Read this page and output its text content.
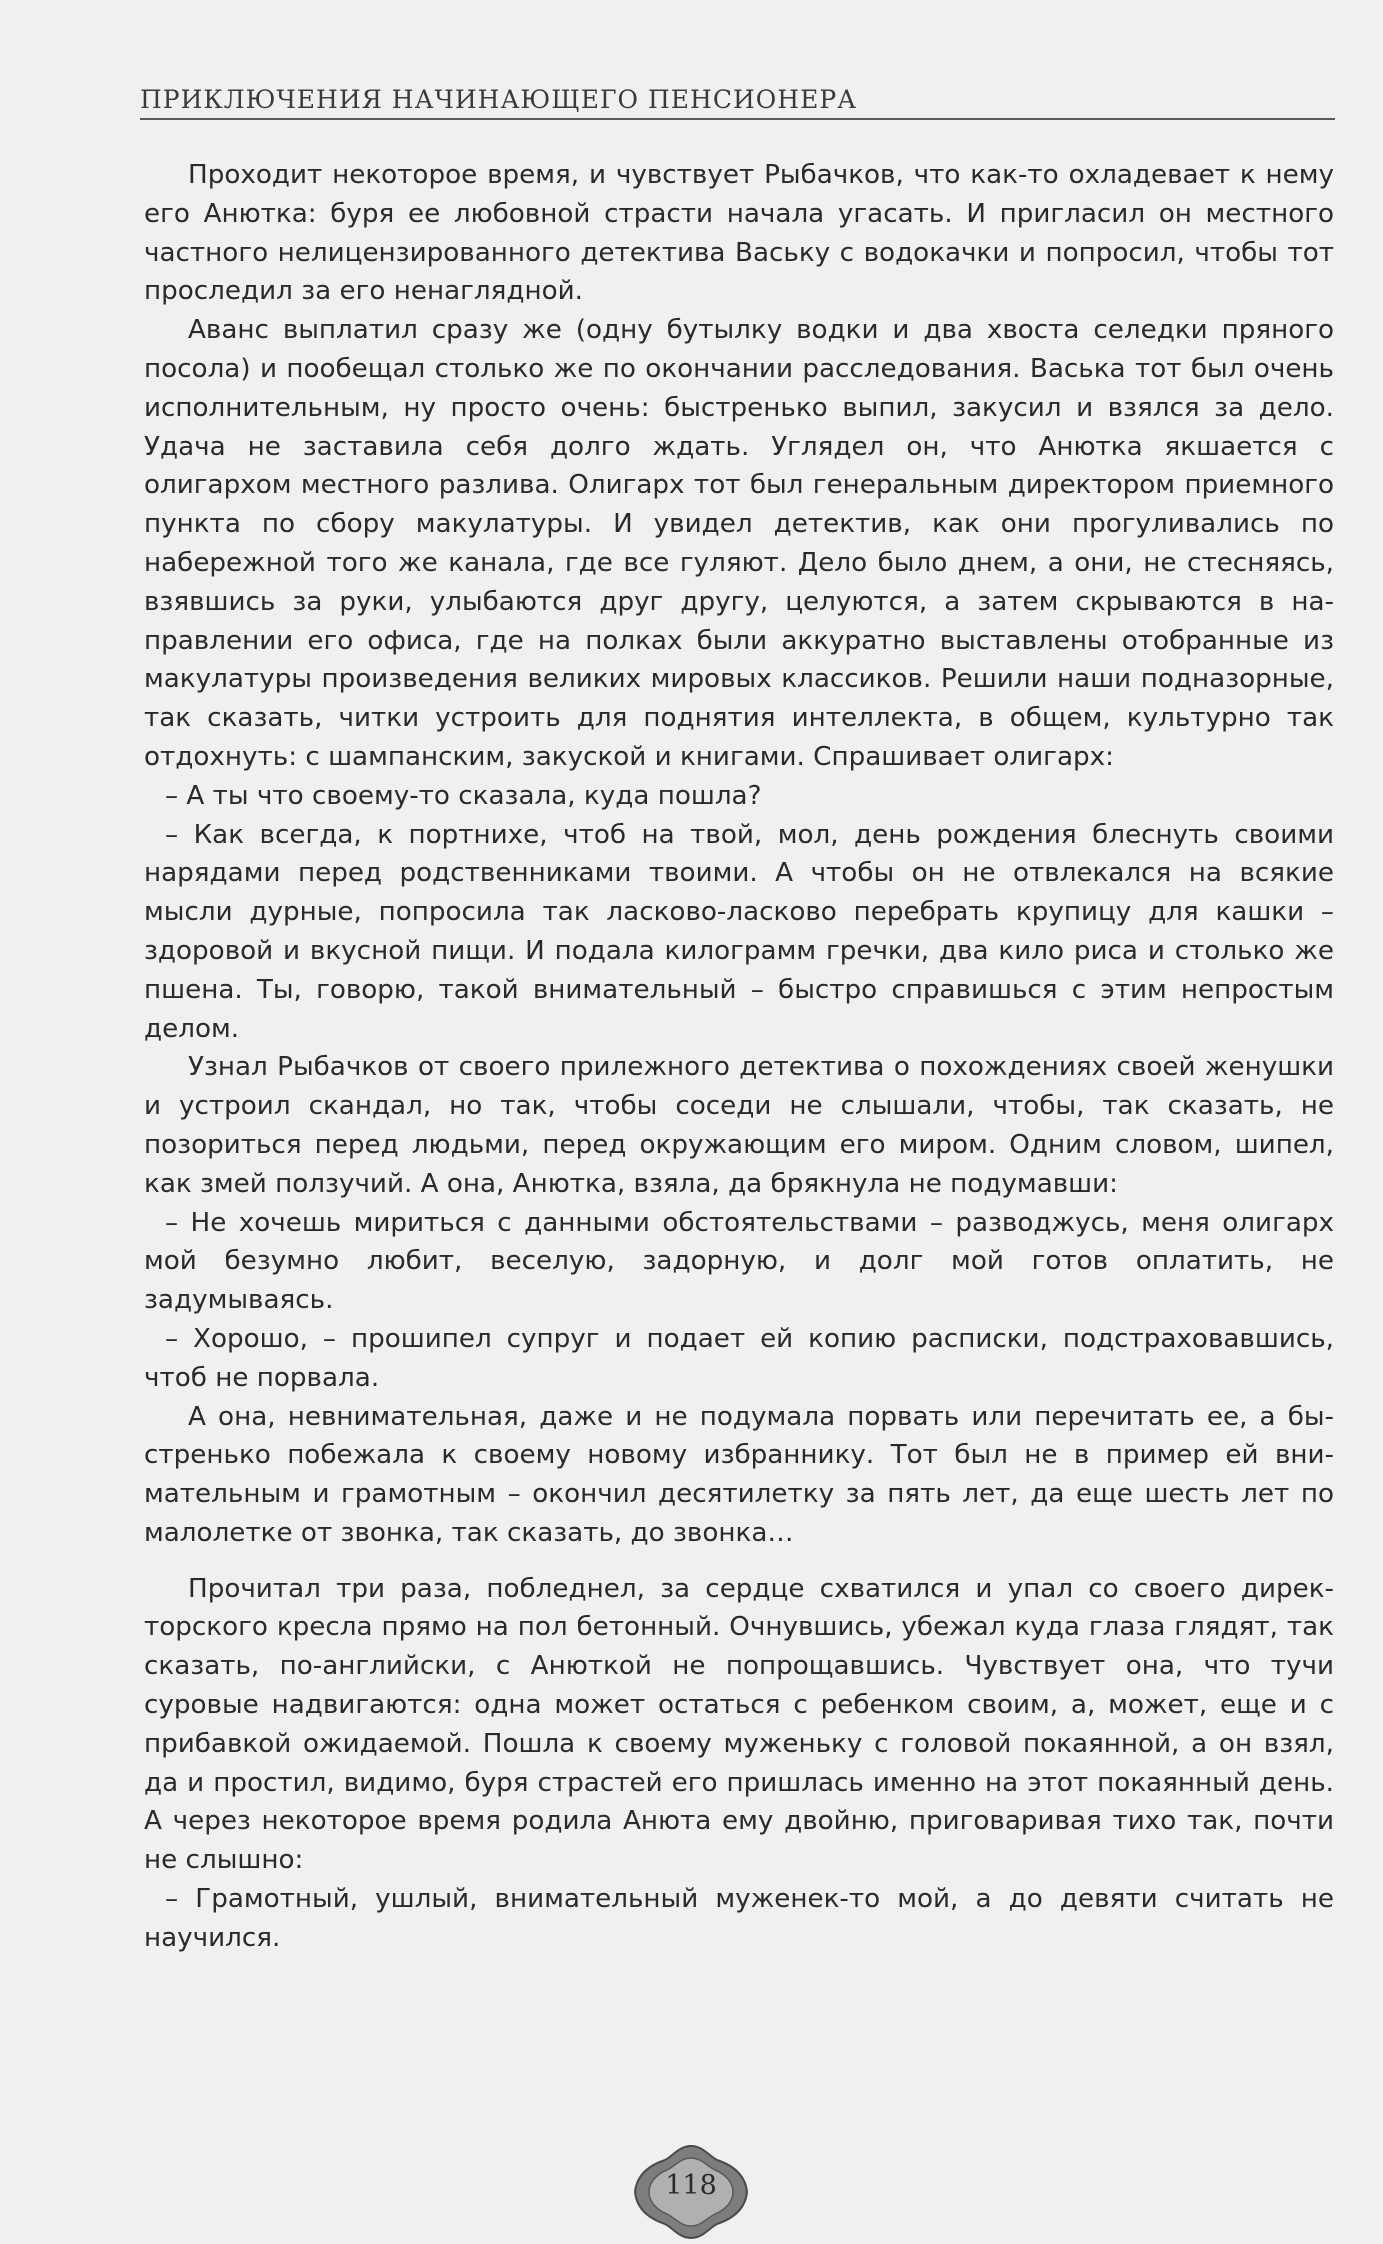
ПРИКЛЮЧЕНИЯ НАЧИНАЮЩЕГО ПЕНСИОНЕРА

Проходит некоторое время, и чувствует Рыбачков, что как-то охладевает к нему его Анютка: буря ее любовной страсти начала угасать. И пригласил он местного частного нелицензированного детектива Ваську с водокачки и попросил, чтобы тот проследил за его ненаглядной.

Аванс выплатил сразу же (одну бутылку водки и два хвоста селедки пряного посола) и пообещал столько же по окончании расследования. Васька тот был очень исполнительным, ну просто очень: быстренько выпил, закусил и взялся за дело. Удача не заставила себя долго ждать. Углядел он, что Анютка якшается с олигархом местного разлива. Олигарх тот был генеральным директором приемного пункта по сбору макулатуры. И увидел детектив, как они прогуливались по набережной того же канала, где все гуляют. Дело было днем, а они, не стесняясь, взявшись за руки, улыбаются друг другу, целуются, а затем скрываются в направлении его офиса, где на полках были аккуратно выставлены отобранные из макулатуры произведения великих мировых классиков. Решили наши подназорные, так сказать, читки устроить для поднятия интеллекта, в общем, культурно так отдохнуть: с шампанским, закуской и книгами. Спрашивает олигарх:

– А ты что своему-то сказала, куда пошла?

– Как всегда, к портнихе, чтоб на твой, мол, день рождения блеснуть своими нарядами перед родственниками твоими. А чтобы он не отвлекался на всякие мысли дурные, попросила так ласково-ласково перебрать крупицу для кашки – здоровой и вкусной пищи. И подала килограмм гречки, два кило риса и столько же пшена. Ты, говорю, такой внимательный – быстро справишься с этим непростым делом.

Узнал Рыбачков от своего прилежного детектива о похождениях своей женушки и устроил скандал, но так, чтобы соседи не слышали, чтобы, так сказать, не позориться перед людьми, перед окружающим его миром. Одним словом, шипел, как змей ползучий. А она, Анютка, взяла, да брякнула не подумавши:

– Не хочешь мириться с данными обстоятельствами – разводжусь, меня олигарх мой безумно любит, веселую, задорную, и долг мой готов оплатить, не задумываясь.

– Хорошо, – прошипел супруг и подает ей копию расписки, подстраховавшись, чтоб не порвала.

А она, невнимательная, даже и не подумала порвать или перечитать ее, а быстренько побежала к своему новому избраннику. Тот был не в пример ей внимательным и грамотным – окончил десятилетку за пять лет, да еще шесть лет по малолетке от звонка, так сказать, до звонка…

Прочитал три раза, побледнел, за сердце схватился и упал со своего директорского кресла прямо на пол бетонный. Очнувшись, убежал куда глаза глядят, так сказать, по-английски, с Анюткой не попрощавшись. Чувствует она, что тучи суровые надвигаются: одна может остаться с ребенком своим, а, может, еще и с прибавкой ожидаемой. Пошла к своему муженьку с головой покаянной, а он взял, да и простил, видимо, буря страстей его пришлась именно на этот покаянный день. А через некоторое время родила Анюта ему двойню, приговаривая тихо так, почти не слышно:

– Грамотный, ушлый, внимательный муженек-то мой, а до девяти считать не научился.

118
